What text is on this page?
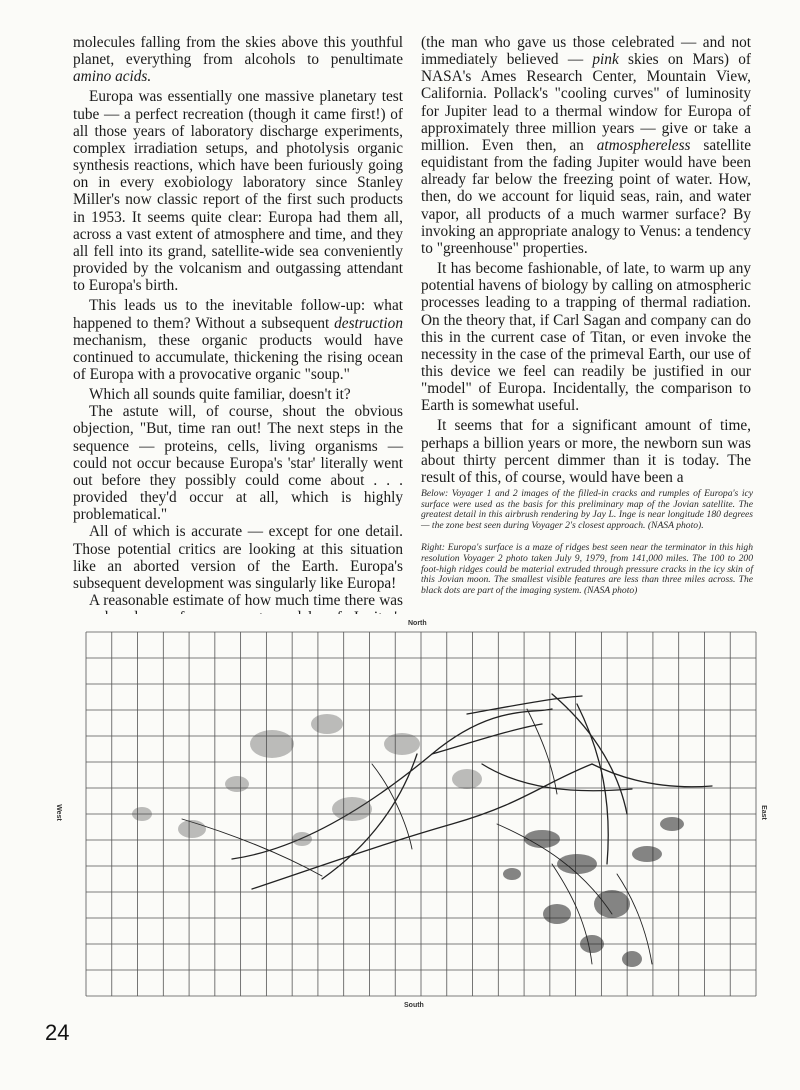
molecules falling from the skies above this youthful planet, everything from alcohols to penultimate amino acids.

Europa was essentially one massive planetary test tube — a perfect recreation (though it came first!) of all those years of laboratory discharge experiments, complex irradiation setups, and photolysis organic synthesis reactions, which have been furiously going on in every exobiology laboratory since Stanley Miller's now classic report of the first such products in 1953. It seems quite clear: Europa had them all, across a vast extent of atmosphere and time, and they all fell into its grand, satellite-wide sea conveniently provided by the volcanism and outgassing attendant to Europa's birth.

This leads us to the inevitable follow-up: what happened to them? Without a subsequent destruction mechanism, these organic products would have continued to accumulate, thickening the rising ocean of Europa with a provocative organic "soup."

Which all sounds quite familiar, doesn't it?

The astute will, of course, shout the obvious objection, "But, time ran out! The next steps in the sequence — proteins, cells, living organisms — could not occur because Europa's 'star' literally went out before they possibly could come about . . . provided they'd occur at all, which is highly problematical."

All of which is accurate — except for one detail. Those potential critics are looking at this situation like an aborted version of the Earth. Europa's subsequent development was singularly like Europa!

A reasonable estimate of how much time there was

(the man who gave us those celebrated — and not immediately believed — pink skies on Mars) of NASA's Ames Research Center, Mountain View, California. Pollack's "cooling curves" of luminosity for Jupiter lead to a thermal window for Europa of approximately three million years — give or take a million. Even then, an atmosphereless satellite equidistant from the fading Jupiter would have been already far below the freezing point of water. How, then, do we account for liquid seas, rain, and water vapor, all products of a much warmer surface? By invoking an appropriate analogy to Venus: a tendency to "greenhouse" properties.

It has become fashionable, of late, to warm up any potential havens of biology by calling on atmospheric processes leading to a trapping of thermal radiation. On the theory that, if Carl Sagan and company can do this in the current case of Titan, or even invoke the necessity in the case of the primeval Earth, our use of this device we feel can readily be justified in our "model" of Europa. Incidentally, the comparison to Earth is somewhat useful.

It seems that for a significant amount of time, perhaps a billion years or more, the newborn sun was about thirty percent dimmer than it is today. The result of this, of course, would have been a

Below: Voyager 1 and 2 images of the filled-in cracks and rumples of Europa's icy surface were used as the basis for this preliminary map of the Jovian satellite. The greatest detail in this airbrush rendering by Jay L. Inge is near longitude 180 degrees — the zone best seen during Voyager 2's closest approach. (NASA photo).

Right: Europa's surface is a maze of ridges best seen near the terminator in this high resolution Voyager 2 photo taken July 9, 1979, from 141,000 miles. The 100 to 200 foot-high ridges could be material extruded through pressure cracks in the icy skin of this Jovian moon. The smallest visible features are less than three miles across. The black dots are part of the imaging system. (NASA photo)

North
South
West	East
24
